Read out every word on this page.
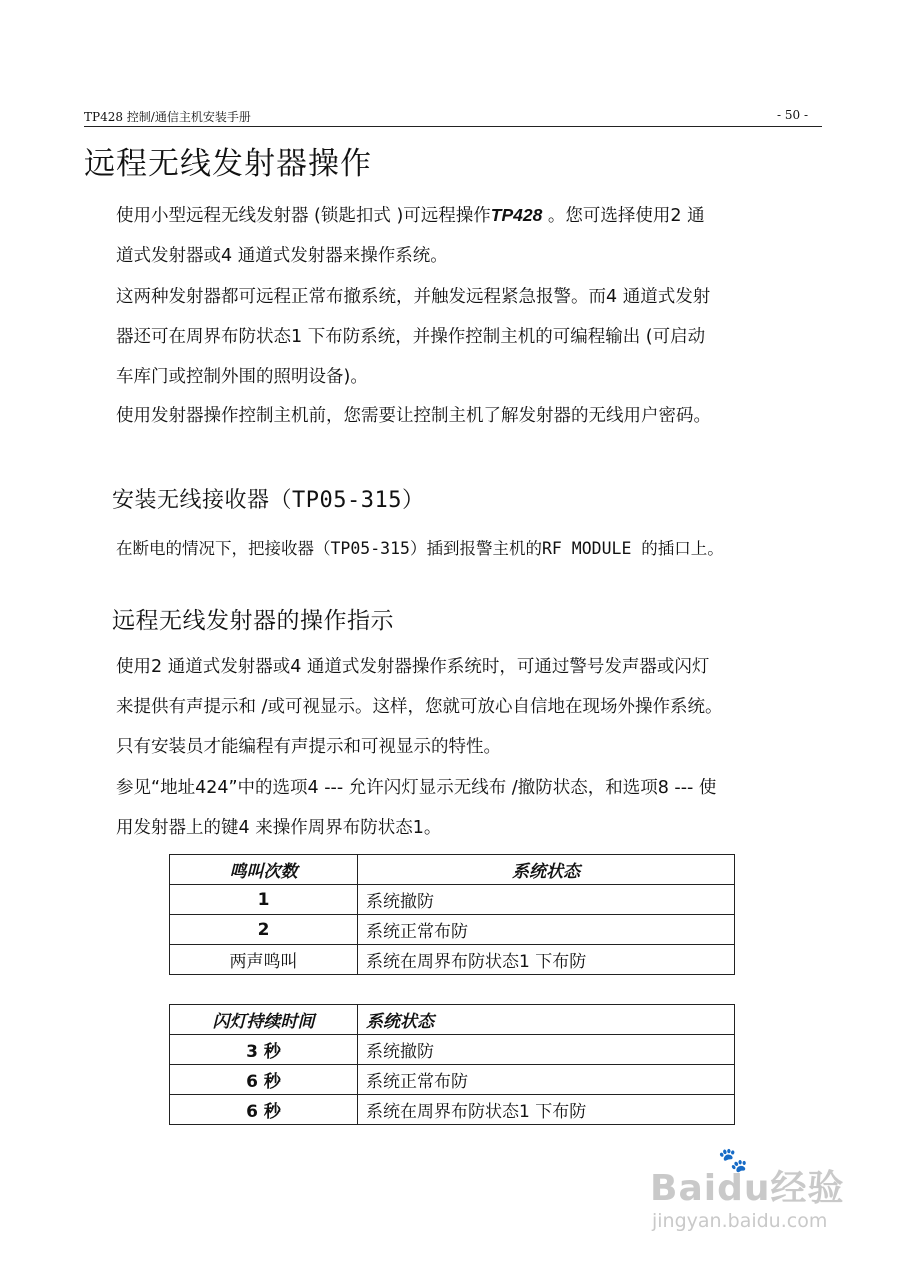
TP428 控制/通信主机安装手册	- 50 -
远程无线发射器操作

使用小型远程无线发射器 (锁匙扣式 )可远程操作TP428 。您可选择使用2 通

道式发射器或4 通道式发射器来操作系统。

这两种发射器都可远程正常布撤系统，并触发远程紧急报警。而4 通道式发射

器还可在周界布防状态1 下布防系统，并操作控制主机的可编程输出 (可启动

车库门或控制外围的照明设备)。

使用发射器操作控制主机前，您需要让控制主机了解发射器的无线用户密码。

安装无线接收器（TP05-315）

在断电的情况下，把接收器（TP05-315）插到报警主机的RF MODULE 的插口上。

远程无线发射器的操作指示

使用2 通道式发射器或4 通道式发射器操作系统时，可通过警号发声器或闪灯

来提供有声提示和 /或可视显示。这样，您就可放心自信地在现场外操作系统。

只有安装员才能编程有声提示和可视显示的特性。

参见“地址424”中的选项4 --- 允许闪灯显示无线布 /撤防状态，和选项8 --- 使

用发射器上的键4 来操作周界布防状态1。

鸣叫次数	系统状态
1	系统撤防
2	系统正常布防
两声鸣叫	系统在周界布防状态1 下布防
闪灯持续时间	系统状态
3 秒	系统撤防
6 秒	系统正常布防
6 秒	系统在周界布防状态1 下布防
🐾
Baidu经验
jingyan.baidu.com
